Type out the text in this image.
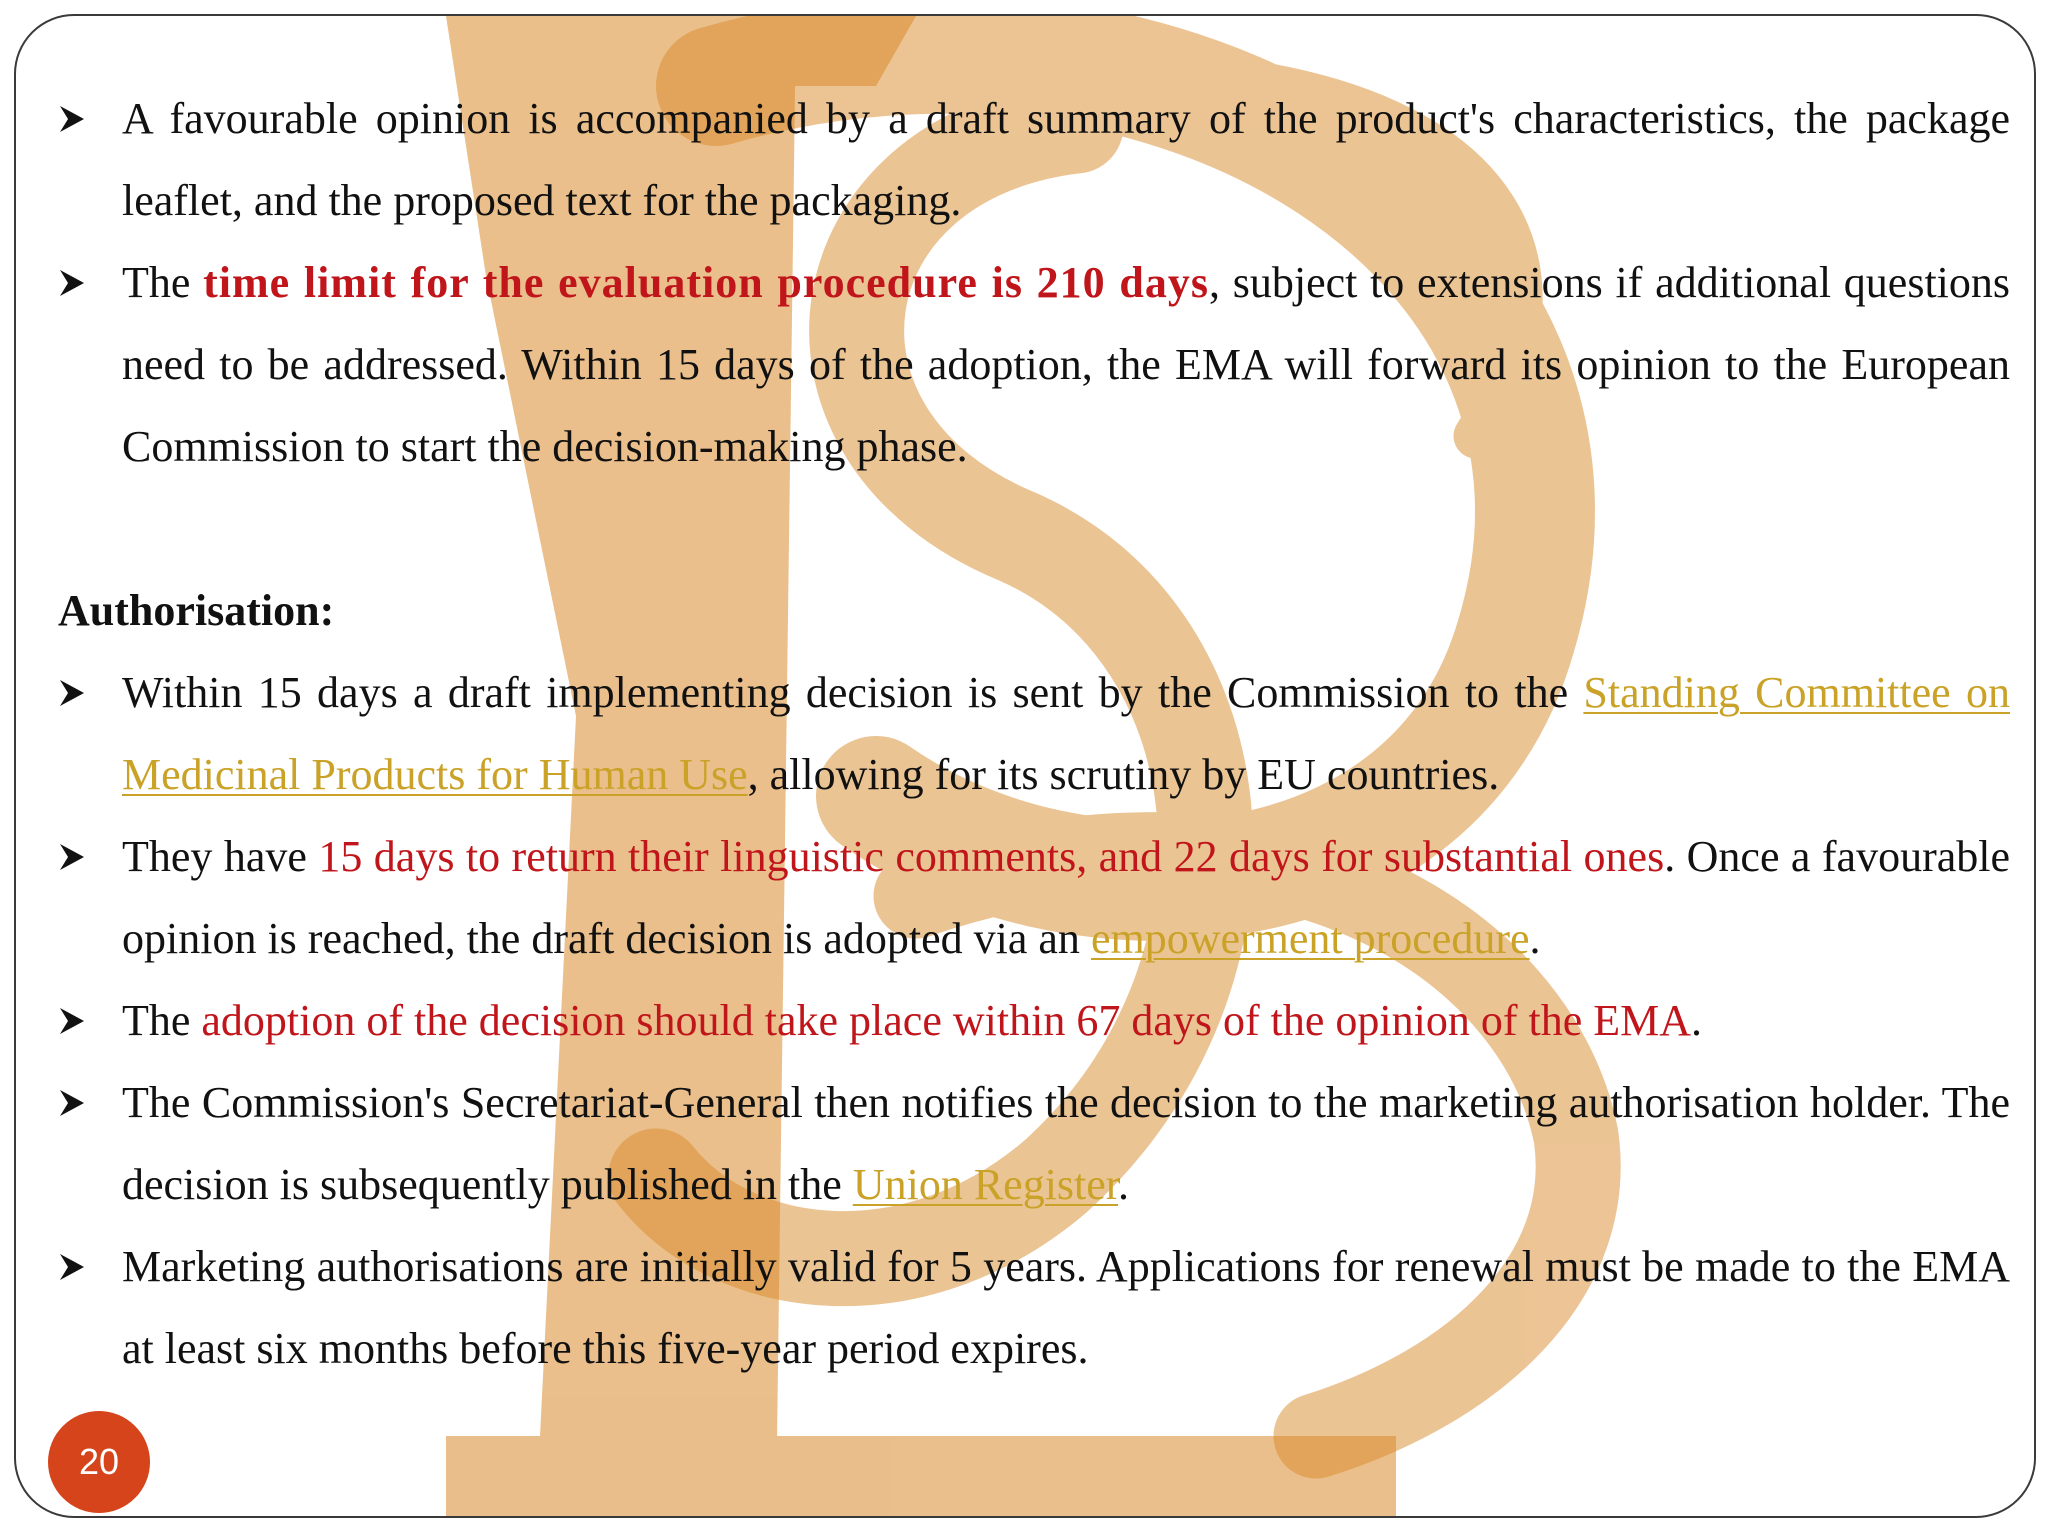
A favourable opinion is accompanied by a draft summary of the product's characteristics, the package leaflet, and the proposed text for the packaging.
The time limit for the evaluation procedure is 210 days, subject to extensions if additional questions need to be addressed. Within 15 days of the adoption, the EMA will forward its opinion to the European Commission to start the decision-making phase.
Authorisation:
Within 15 days a draft implementing decision is sent by the Commission to the Standing Committee on Medicinal Products for Human Use, allowing for its scrutiny by EU countries.
They have 15 days to return their linguistic comments, and 22 days for substantial ones. Once a favourable opinion is reached, the draft decision is adopted via an empowerment procedure.
The adoption of the decision should take place within 67 days of the opinion of the EMA.
The Commission's Secretariat-General then notifies the decision to the marketing authorisation holder. The decision is subsequently published in the Union Register.
Marketing authorisations are initially valid for 5 years. Applications for renewal must be made to the EMA at least six months before this five-year period expires.
20
